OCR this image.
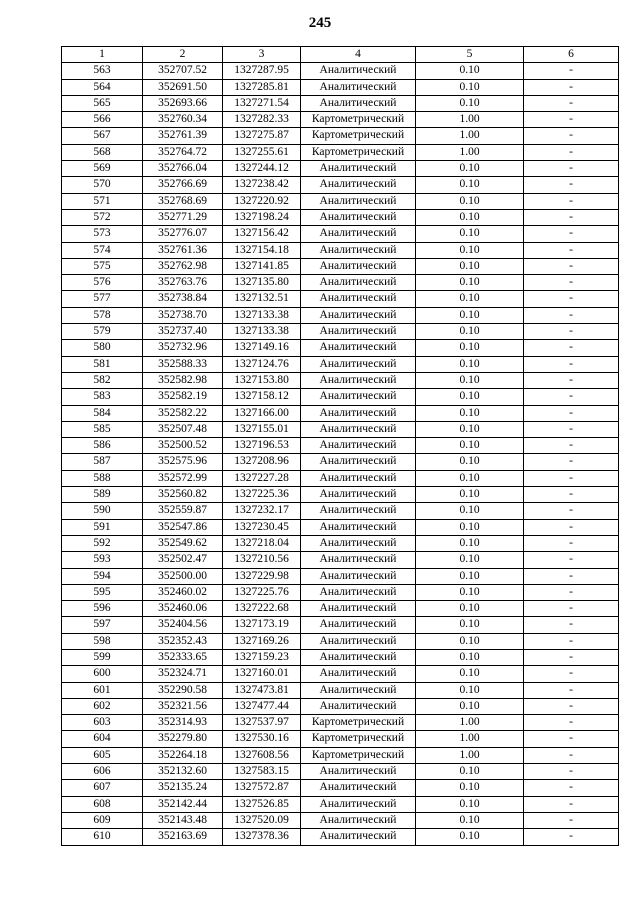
245
1	2	3	4	5	6
563	352707.52	1327287.95	Аналитический	0.10	-
564	352691.50	1327285.81	Аналитический	0.10	-
565	352693.66	1327271.54	Аналитический	0.10	-
566	352760.34	1327282.33	Картометрический	1.00	-
567	352761.39	1327275.87	Картометрический	1.00	-
568	352764.72	1327255.61	Картометрический	1.00	-
569	352766.04	1327244.12	Аналитический	0.10	-
570	352766.69	1327238.42	Аналитический	0.10	-
571	352768.69	1327220.92	Аналитический	0.10	-
572	352771.29	1327198.24	Аналитический	0.10	-
573	352776.07	1327156.42	Аналитический	0.10	-
574	352761.36	1327154.18	Аналитический	0.10	-
575	352762.98	1327141.85	Аналитический	0.10	-
576	352763.76	1327135.80	Аналитический	0.10	-
577	352738.84	1327132.51	Аналитический	0.10	-
578	352738.70	1327133.38	Аналитический	0.10	-
579	352737.40	1327133.38	Аналитический	0.10	-
580	352732.96	1327149.16	Аналитический	0.10	-
581	352588.33	1327124.76	Аналитический	0.10	-
582	352582.98	1327153.80	Аналитический	0.10	-
583	352582.19	1327158.12	Аналитический	0.10	-
584	352582.22	1327166.00	Аналитический	0.10	-
585	352507.48	1327155.01	Аналитический	0.10	-
586	352500.52	1327196.53	Аналитический	0.10	-
587	352575.96	1327208.96	Аналитический	0.10	-
588	352572.99	1327227.28	Аналитический	0.10	-
589	352560.82	1327225.36	Аналитический	0.10	-
590	352559.87	1327232.17	Аналитический	0.10	-
591	352547.86	1327230.45	Аналитический	0.10	-
592	352549.62	1327218.04	Аналитический	0.10	-
593	352502.47	1327210.56	Аналитический	0.10	-
594	352500.00	1327229.98	Аналитический	0.10	-
595	352460.02	1327225.76	Аналитический	0.10	-
596	352460.06	1327222.68	Аналитический	0.10	-
597	352404.56	1327173.19	Аналитический	0.10	-
598	352352.43	1327169.26	Аналитический	0.10	-
599	352333.65	1327159.23	Аналитический	0.10	-
600	352324.71	1327160.01	Аналитический	0.10	-
601	352290.58	1327473.81	Аналитический	0.10	-
602	352321.56	1327477.44	Аналитический	0.10	-
603	352314.93	1327537.97	Картометрический	1.00	-
604	352279.80	1327530.16	Картометрический	1.00	-
605	352264.18	1327608.56	Картометрический	1.00	-
606	352132.60	1327583.15	Аналитический	0.10	-
607	352135.24	1327572.87	Аналитический	0.10	-
608	352142.44	1327526.85	Аналитический	0.10	-
609	352143.48	1327520.09	Аналитический	0.10	-
610	352163.69	1327378.36	Аналитический	0.10	-
